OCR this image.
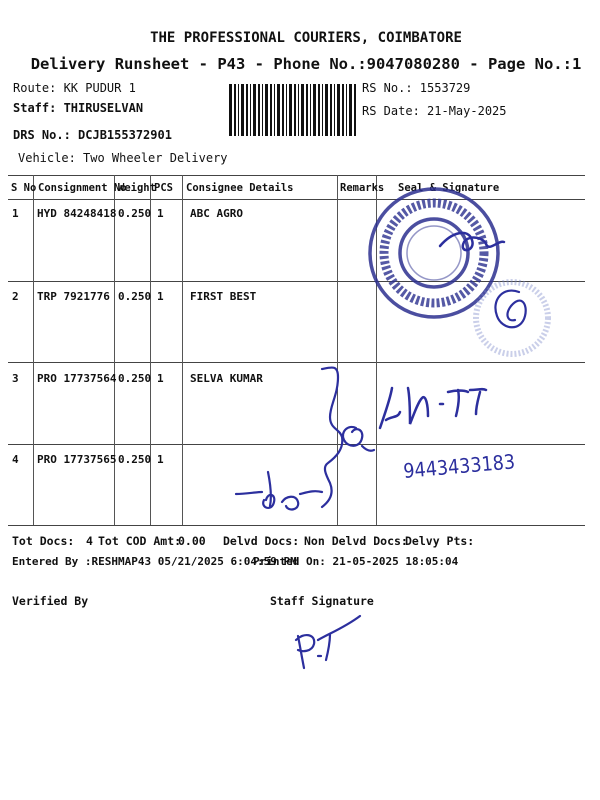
THE PROFESSIONAL COURIERS, COIMBATORE
Delivery Runsheet - P43 - Phone No.:9047080280 - Page No.:1
Route: KK PUDUR 1
Staff: THIRUSELVAN
DRS No.: DCJB155372901
Vehicle: Two Wheeler Delivery
RS No.: 1553729
RS Date: 21-May-2025
S No Consignment No
Weight
PCS Consignee Details	Remarks Seal & Signature
1 HYD 84248418 0.250 1 ABC AGRO
2 TRP 7921776 0.250 1 FIRST BEST
3 PRO 17737564 0.250 1 SELVA KUMAR
4 PRO 17737565 0.250 1
Tot Docs: 4 Tot COD Amt:
0.00 Delvd Docs: Non Delvd Docs:
Delvy Pts:
Entered By :RESHMAP43 05/21/2025 6:04:59 PM
Printed On: 21-05-2025 18:05:04
Verified By	Staff Signature
9443433183
